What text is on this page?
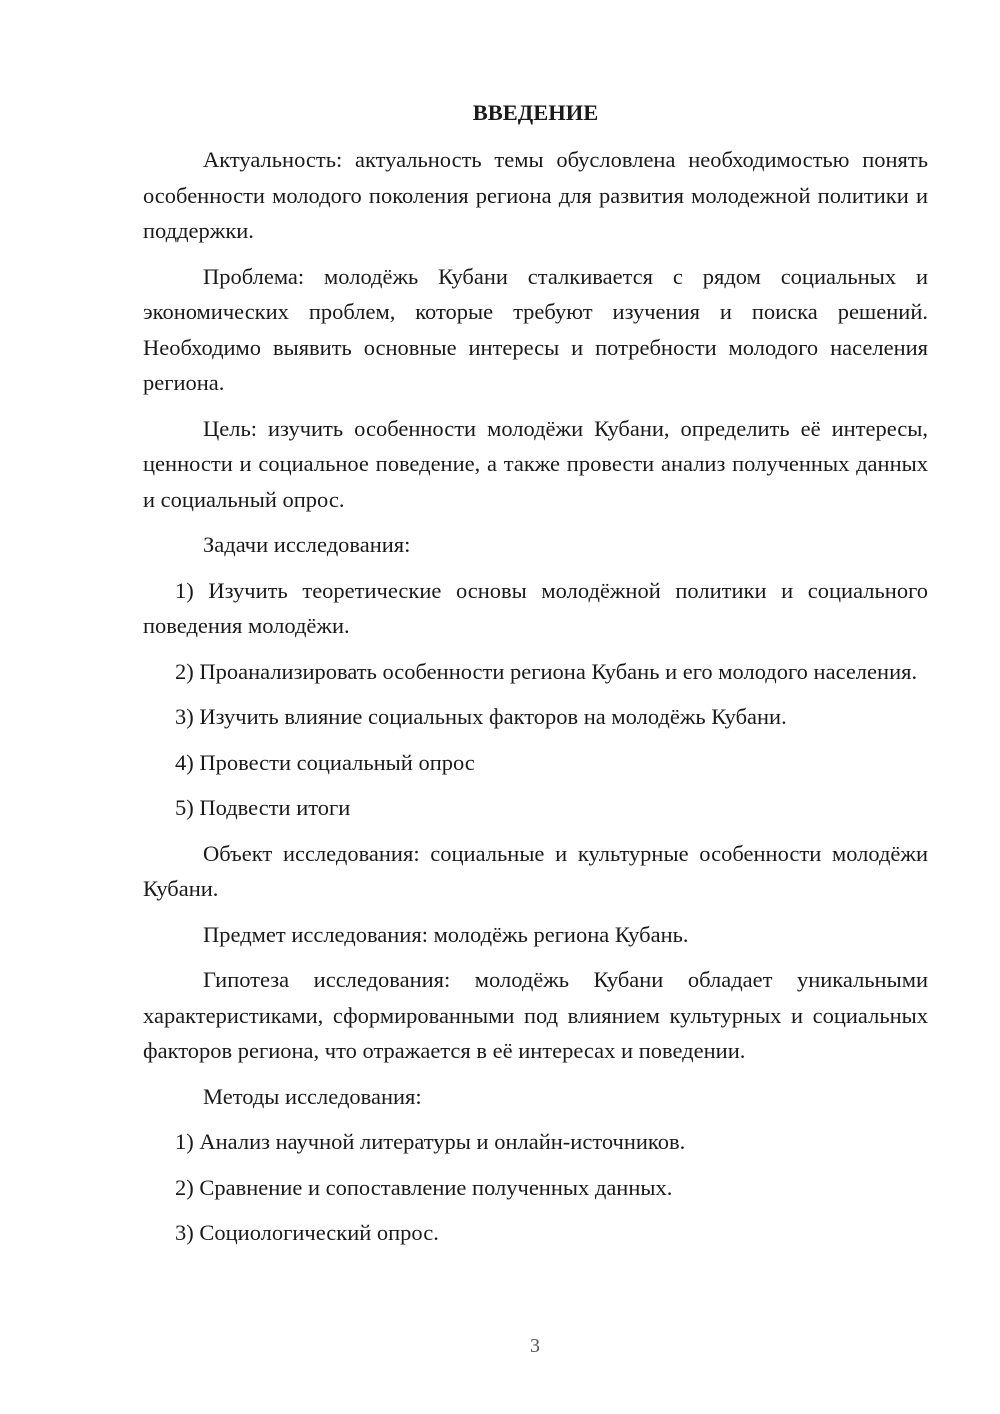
ВВЕДЕНИЕ

Актуальность: актуальность темы обусловлена необходимостью понять особенности молодого поколения региона для развития молодежной политики и поддержки.

Проблема: молодёжь Кубани сталкивается с рядом социальных и экономических проблем, которые требуют изучения и поиска решений. Необходимо выявить основные интересы и потребности молодого населения региона.

Цель: изучить особенности молодёжи Кубани, определить её интересы, ценности и социальное поведение, а также провести анализ полученных данных и социальный опрос.

Задачи исследования:

1) Изучить теоретические основы молодёжной политики и социального поведения молодёжи.

2) Проанализировать особенности региона Кубань и его молодого населения.

3) Изучить влияние социальных факторов на молодёжь Кубани.

4) Провести социальный опрос

5) Подвести итоги

Объект исследования: социальные и культурные особенности молодёжи Кубани.

Предмет исследования: молодёжь региона Кубань.

Гипотеза исследования: молодёжь Кубани обладает уникальными характеристиками, сформированными под влиянием культурных и социальных факторов региона, что отражается в её интересах и поведении.

Методы исследования:

1) Анализ научной литературы и онлайн-источников.

2) Сравнение и сопоставление полученных данных.

3) Социологический опрос.

3
